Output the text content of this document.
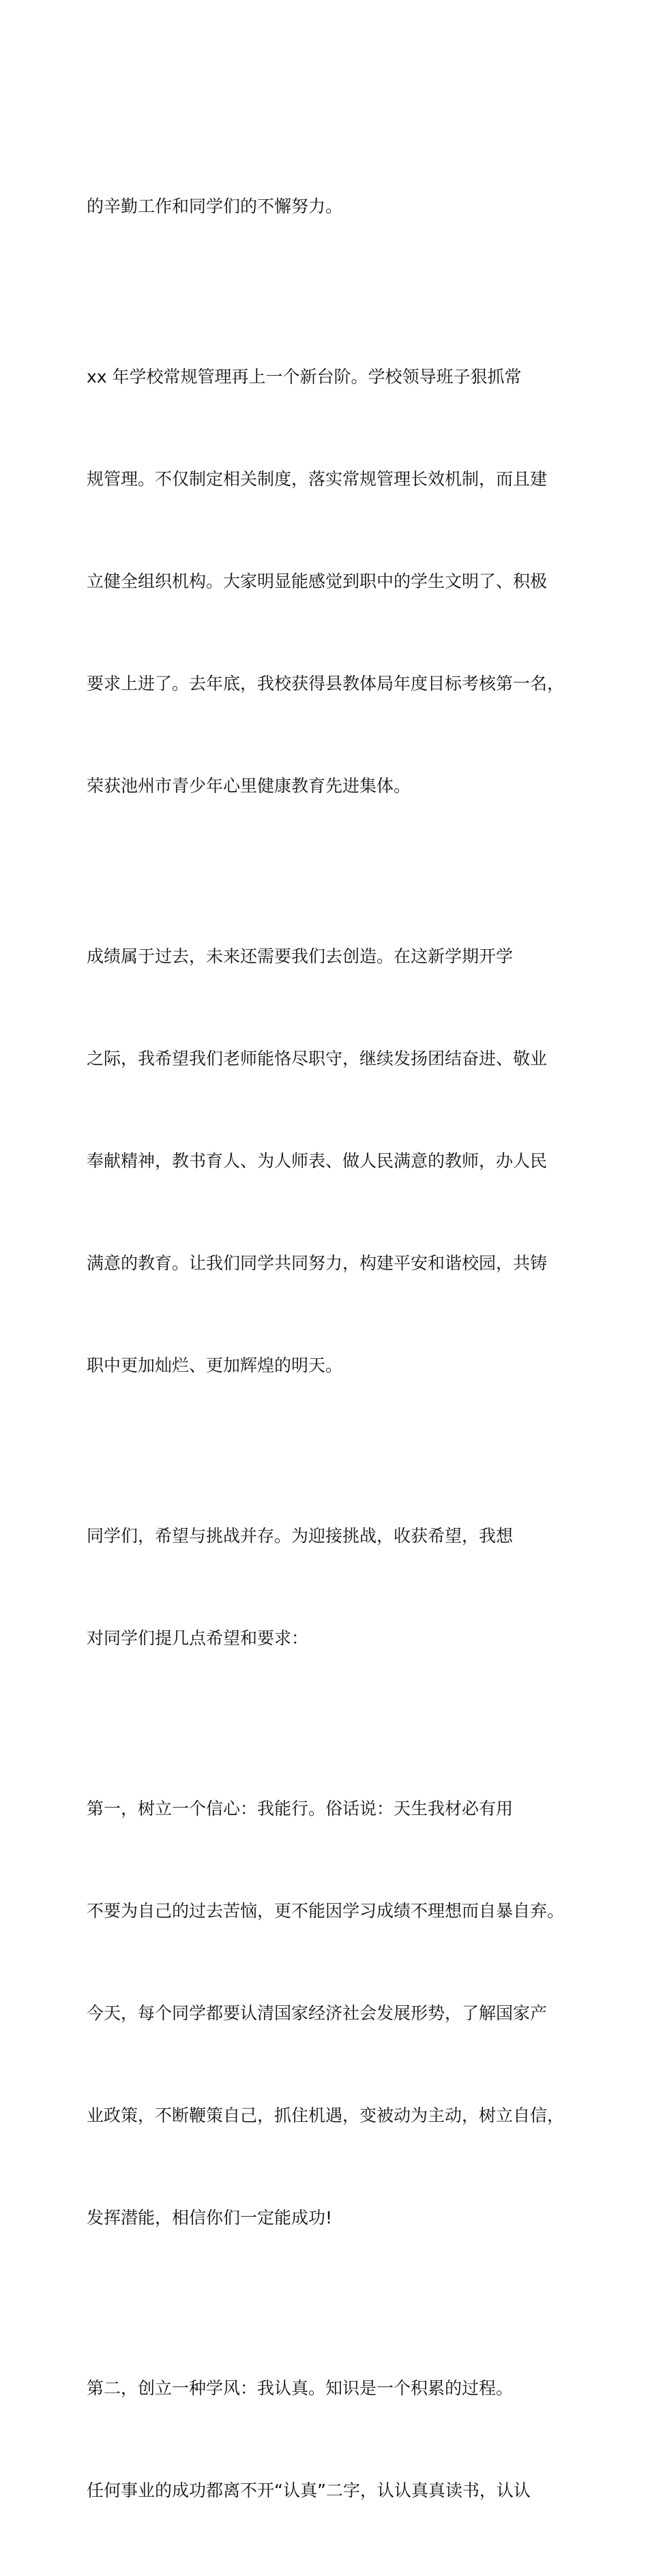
的辛勤工作和同学们的不懈努力。

xx 年学校常规管理再上一个新台阶。学校领导班子狠抓常

规管理。不仅制定相关制度，落实常规管理长效机制，而且建

立健全组织机构。大家明显能感觉到职中的学生文明了、积极

要求上进了。去年底，我校获得县教体局年度目标考核第一名，

荣获池州市青少年心里健康教育先进集体。

成绩属于过去，未来还需要我们去创造。在这新学期开学

之际，我希望我们老师能恪尽职守，继续发扬团结奋进、敬业

奉献精神，教书育人、为人师表、做人民满意的教师，办人民

满意的教育。让我们同学共同努力，构建平安和谐校园，共铸

职中更加灿烂、更加辉煌的明天。

同学们，希望与挑战并存。为迎接挑战，收获希望，我想

对同学们提几点希望和要求：

第一，树立一个信心：我能行。俗话说：天生我材必有用

不要为自己的过去苦恼，更不能因学习成绩不理想而自暴自弃。

今天，每个同学都要认清国家经济社会发展形势，了解国家产

业政策，不断鞭策自己，抓住机遇，变被动为主动，树立自信，

发挥潜能，相信你们一定能成功!

第二，创立一种学风：我认真。知识是一个积累的过程。

任何事业的成功都离不开“认真”二字，认认真真读书，认认
